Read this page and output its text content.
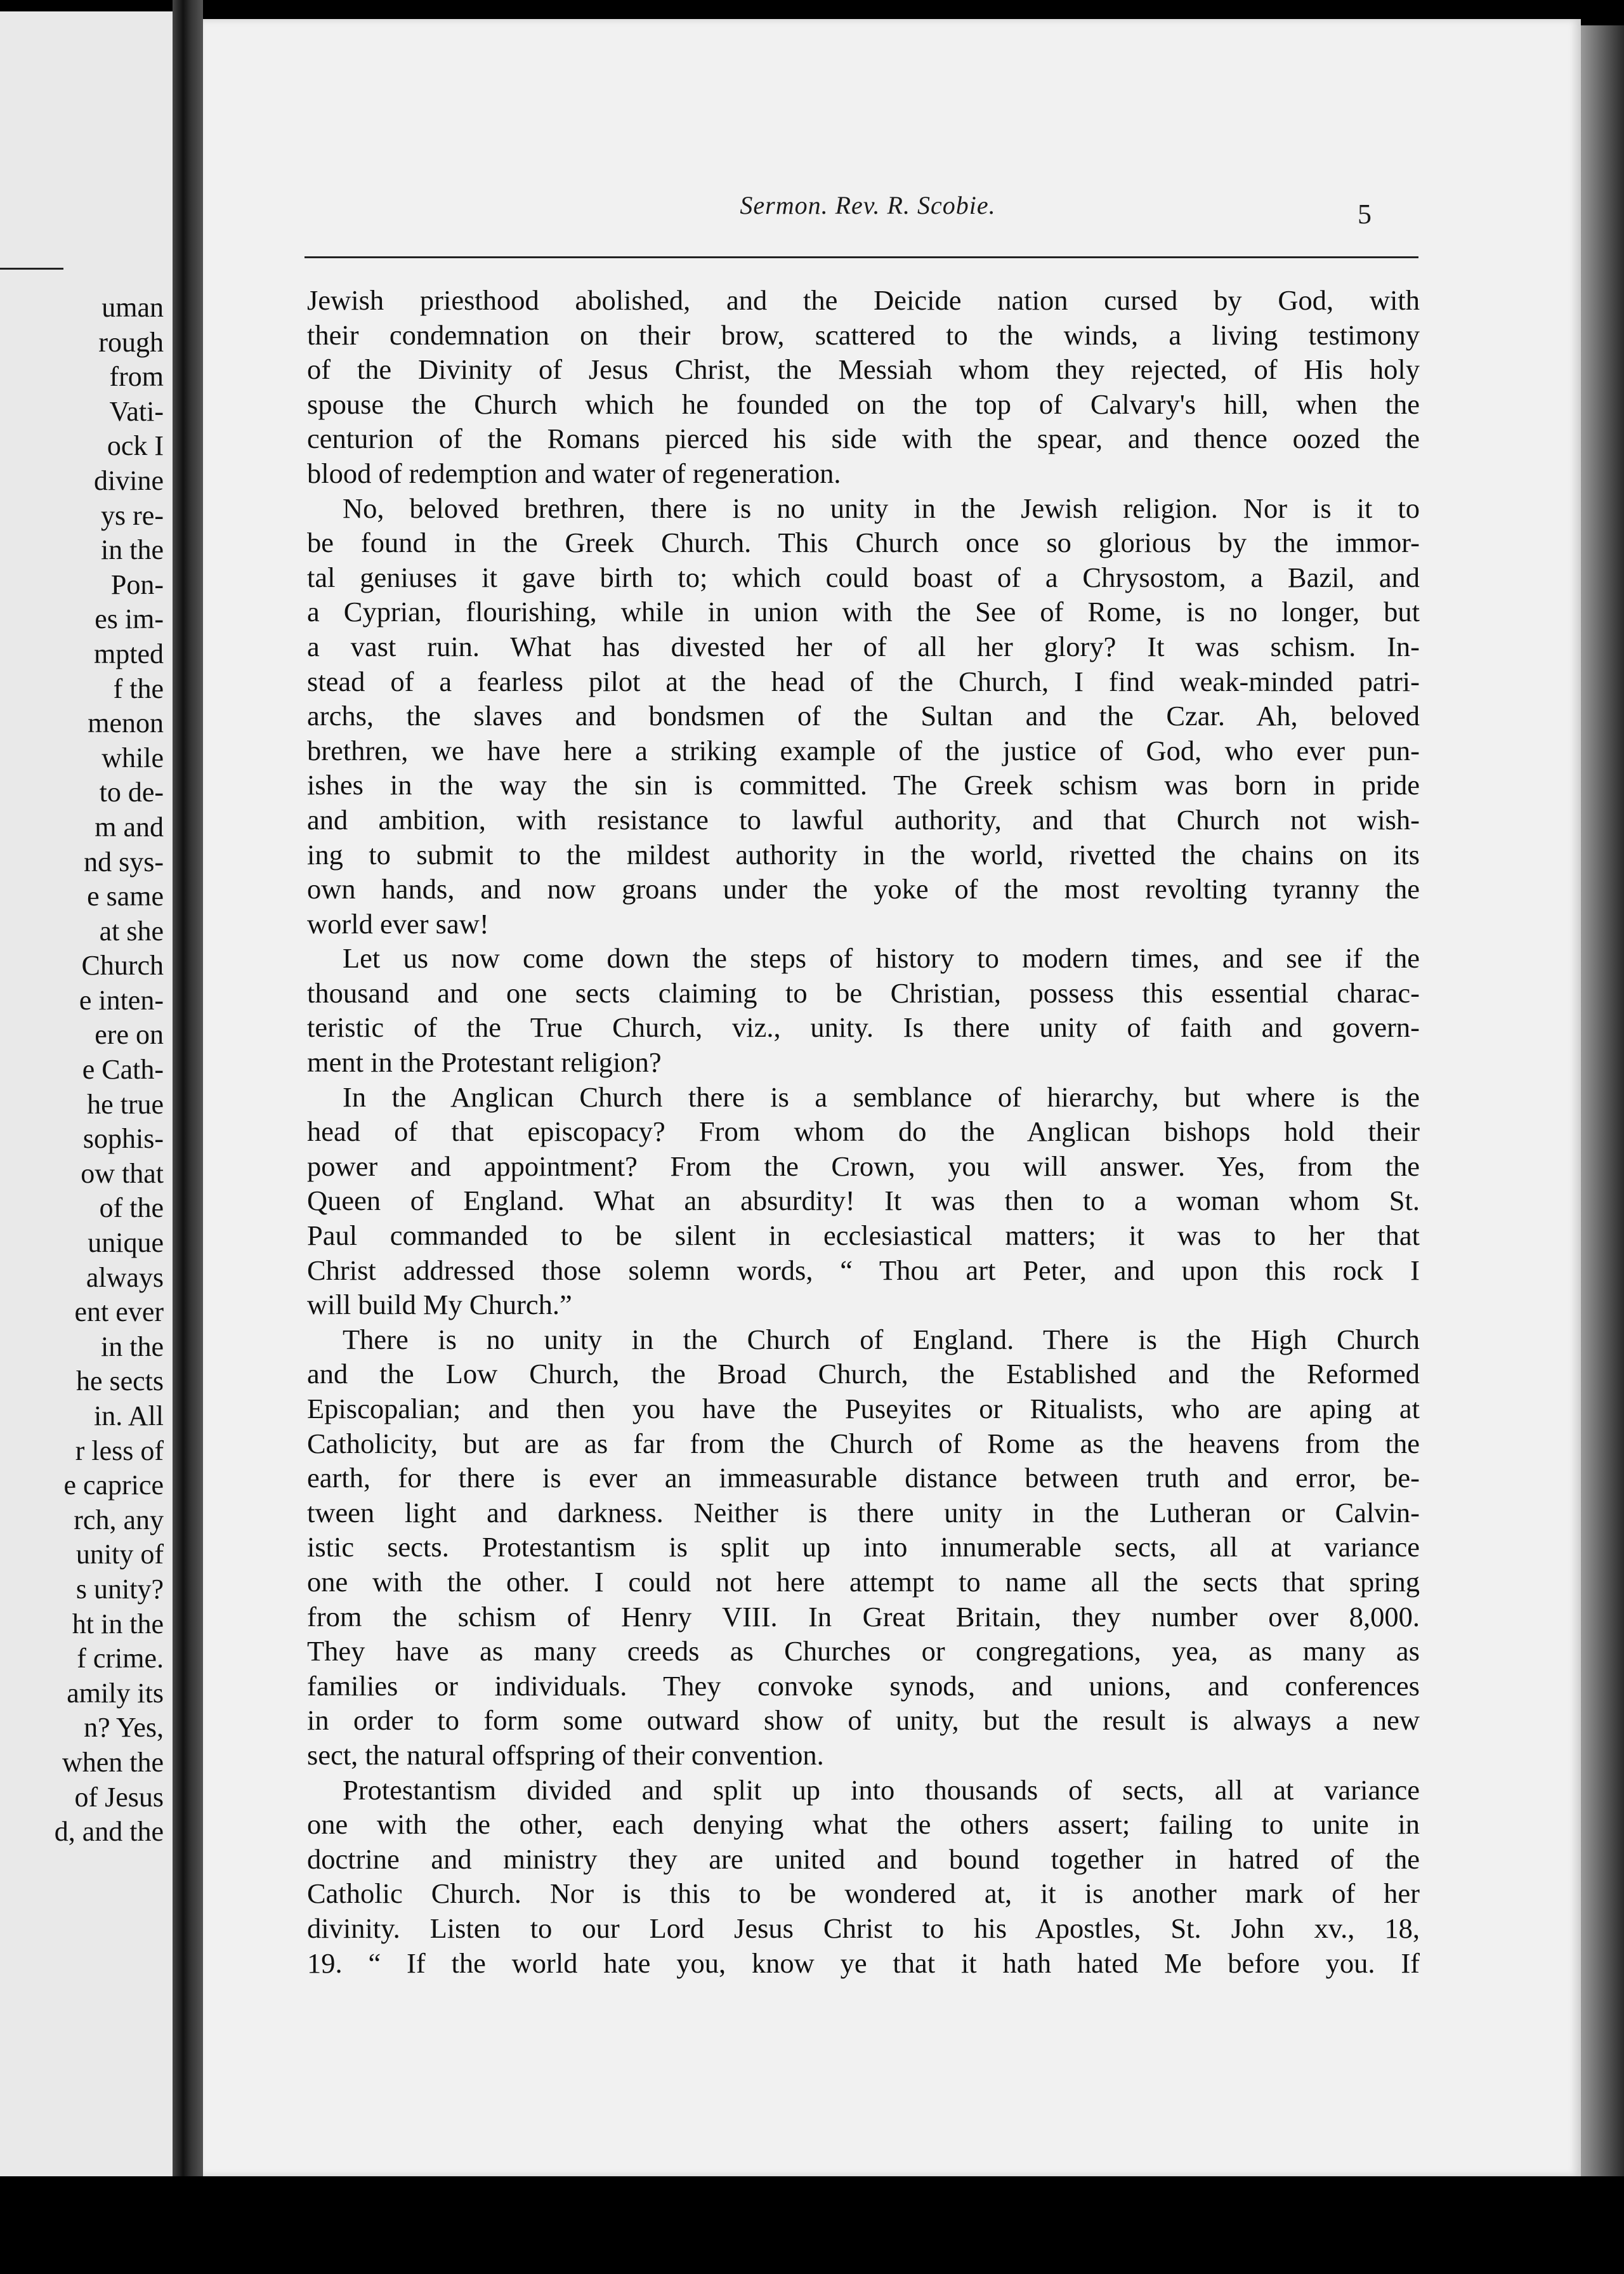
uman
rough
from
Vati-
ock I
divine
ys re-
in the
Pon-
es im-
mpted
f the
menon
while
to de-
m and
nd sys-
e same
at she
Church
e inten-
ere on
e Cath-
he true
sophis-
ow that
of the
unique
always
ent ever
in the
he sects
in. All
r less of
e caprice
rch, any
unity of
s unity?
ht in the
f crime.
amily its
n? Yes,
when the
of Jesus
d, and the
Sermon. Rev. R. Scobie.	5
Jewish priesthood abolished, and the Deicide nation cursed by God, with
their condemnation on their brow, scattered to the winds, a living testimony
of the Divinity of Jesus Christ, the Messiah whom they rejected, of His holy
spouse the Church which he founded on the top of Calvary's hill, when the
centurion of the Romans pierced his side with the spear, and thence oozed the
blood of redemption and water of regeneration.
No, beloved brethren, there is no unity in the Jewish religion. Nor is it to
be found in the Greek Church. This Church once so glorious by the immor-
tal geniuses it gave birth to; which could boast of a Chrysostom, a Bazil, and
a Cyprian, flourishing, while in union with the See of Rome, is no longer, but
a vast ruin. What has divested her of all her glory? It was schism. In-
stead of a fearless pilot at the head of the Church, I find weak-minded patri-
archs, the slaves and bondsmen of the Sultan and the Czar. Ah, beloved
brethren, we have here a striking example of the justice of God, who ever pun-
ishes in the way the sin is committed. The Greek schism was born in pride
and ambition, with resistance to lawful authority, and that Church not wish-
ing to submit to the mildest authority in the world, rivetted the chains on its
own hands, and now groans under the yoke of the most revolting tyranny the
world ever saw!
Let us now come down the steps of history to modern times, and see if the
thousand and one sects claiming to be Christian, possess this essential charac-
teristic of the True Church, viz., unity. Is there unity of faith and govern-
ment in the Protestant religion?
In the Anglican Church there is a semblance of hierarchy, but where is the
head of that episcopacy? From whom do the Anglican bishops hold their
power and appointment? From the Crown, you will answer. Yes, from the
Queen of England. What an absurdity! It was then to a woman whom St.
Paul commanded to be silent in ecclesiastical matters; it was to her that
Christ addressed those solemn words, “ Thou art Peter, and upon this rock I
will build My Church.”
There is no unity in the Church of England. There is the High Church
and the Low Church, the Broad Church, the Established and the Reformed
Episcopalian; and then you have the Puseyites or Ritualists, who are aping at
Catholicity, but are as far from the Church of Rome as the heavens from the
earth, for there is ever an immeasurable distance between truth and error, be-
tween light and darkness. Neither is there unity in the Lutheran or Calvin-
istic sects. Protestantism is split up into innumerable sects, all at variance
one with the other. I could not here attempt to name all the sects that spring
from the schism of Henry VIII. In Great Britain, they number over 8,000.
They have as many creeds as Churches or congregations, yea, as many as
families or individuals. They convoke synods, and unions, and conferences
in order to form some outward show of unity, but the result is always a new
sect, the natural offspring of their convention.
Protestantism divided and split up into thousands of sects, all at variance
one with the other, each denying what the others assert; failing to unite in
doctrine and ministry they are united and bound together in hatred of the
Catholic Church. Nor is this to be wondered at, it is another mark of her
divinity. Listen to our Lord Jesus Christ to his Apostles, St. John xv., 18,
19. “ If the world hate you, know ye that it hath hated Me before you. If
